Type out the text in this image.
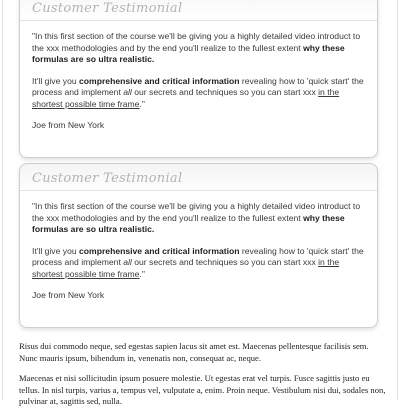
Customer Testimonial

"In this first section of the course we'll be giving you a highly detailed video introduct to the xxx methodologies and by the end you'll realize to the fullest extent why these formulas are so ultra realistic.

It'll give you comprehensive and critical information revealing how to 'quick start' the process and implement all our secrets and techniques so you can start xxx in the shortest possible time frame."

Joe from New York

Customer Testimonial

"In this first section of the course we'll be giving you a highly detailed video introduct to the xxx methodologies and by the end you'll realize to the fullest extent why these formulas are so ultra realistic.

It'll give you comprehensive and critical information revealing how to 'quick start' the process and implement all our secrets and techniques so you can start xxx in the shortest possible time frame."

Joe from New York

Risus dui commodo neque, sed egestas sapien lacus sit amet est. Maecenas pellentesque facilisis sem. Nunc mauris ipsum, bibendum in, venenatis non, consequat ac, neque.

Maecenas et nisi sollicitudin ipsum posuere molestie. Ut egestas erat vel turpis. Fusce sagittis justo eu tellus. In nisl turpis, varius a, tempus vel, vulputate a, enim. Proin neque. Vestibulum nisi dui, sodales non, pulvinar at, sagittis sed, nulla.
